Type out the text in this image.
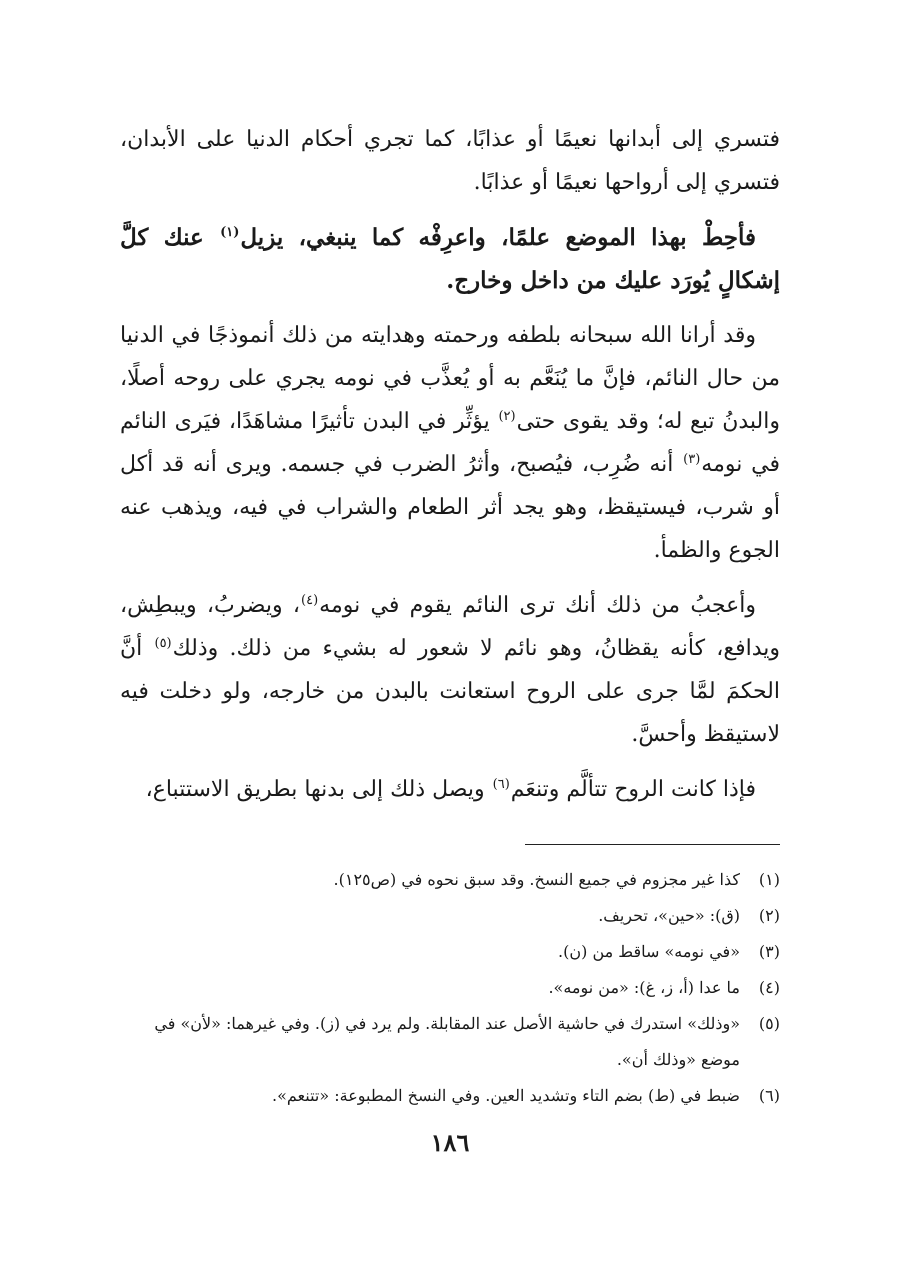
فتسري إلى أبدانها نعيمًا أو عذابًا، كما تجري أحكام الدنيا على الأبدان، فتسري إلى أرواحها نعيمًا أو عذابًا.

فأحِطْ بهذا الموضع علمًا، واعرِفْه كما ينبغي، يزيل$^{(١)}$ عنك كلَّ إشكالٍ يُورَد عليك من داخل وخارج.

وقد أرانا الله سبحانه بلطفه ورحمته وهدايته من ذلك أنموذجًا في الدنيا من حال النائم، فإنَّ ما يُنَعَّم به أو يُعذَّب في نومه يجري على روحه أصلًا، والبدنُ تبع له؛ وقد يقوى حتى$^{(٢)}$ يؤثِّر في البدن تأثيرًا مشاهَدًا، فيَرى النائم في نومه$^{(٣)}$ أنه ضُرِب، فيُصبح، وأثرُ الضرب في جسمه. ويرى أنه قد أكل أو شرب، فيستيقظ، وهو يجد أثر الطعام والشراب في فيه، ويذهب عنه الجوع والظمأ.

وأعجبُ من ذلك أنك ترى النائم يقوم في نومه$^{(٤)}$، ويضربُ، ويبطِش، ويدافع، كأنه يقظانُ، وهو نائم لا شعور له بشيء من ذلك. وذلك$^{(٥)}$ أنَّ الحكمَ لمَّا جرى على الروح استعانت بالبدن من خارجه، ولو دخلت فيه لاستيقظ وأحسَّ.

فإذا كانت الروح تتألَّم وتنعَم$^{(٦)}$ ويصل ذلك إلى بدنها بطريق الاستتباع،

(١)
كذا غير مجزوم في جميع النسخ. وقد سبق نحوه في (ص١٢٥).
(٢)
(ق): «حين»، تحريف.
(٣)
«في نومه» ساقط من (ن).
(٤)
ما عدا (أ، ز، غ): «من نومه».
(٥)
«وذلك» استدرك في حاشية الأصل عند المقابلة. ولم يرد في (ز). وفي غيرهما: «لأن» في موضع «وذلك أن».
(٦)
ضبط في (ط) بضم التاء وتشديد العين. وفي النسخ المطبوعة: «تتنعم».
١٨٦
